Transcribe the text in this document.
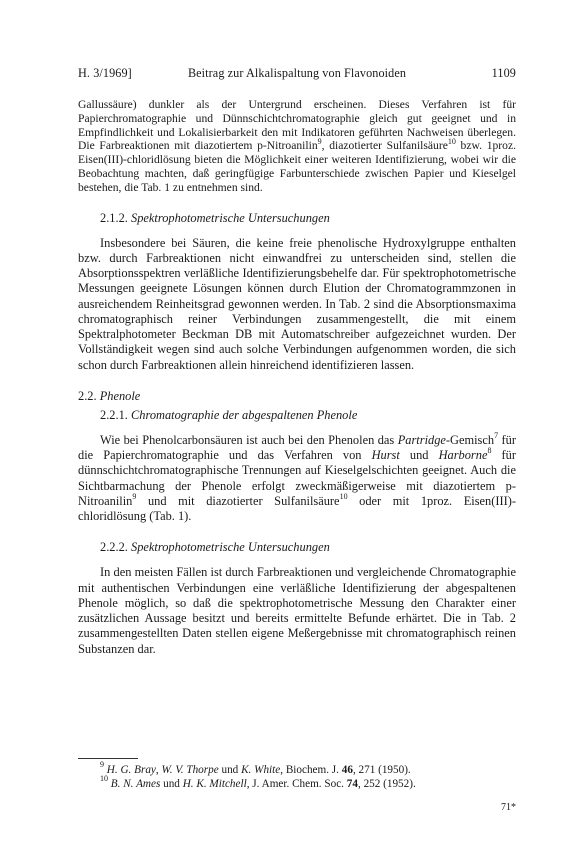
H. 3/1969]	Beitrag zur Alkalispaltung von Flavonoiden	1109

Gallussäure) dunkler als der Untergrund erscheinen. Dieses Verfahren ist für Papierchromatographie und Dünnschichtchromatographie gleich gut geeignet und in Empfindlichkeit und Lokalisierbarkeit den mit Indikatoren geführten Nachweisen überlegen. Die Farbreaktionen mit diazotiertem p-Nitroanilin$^9$, diazotierter Sulfanilsäure$^{10}$ bzw. 1proz. Eisen(III)-chloridlösung bieten die Möglichkeit einer weiteren Identifizierung, wobei wir die Beobachtung machten, daß geringfügige Farbunterschiede zwischen Papier und Kieselgel bestehen, die Tab. 1 zu entnehmen sind.

2.1.2. Spektrophotometrische Untersuchungen

Insbesondere bei Säuren, die keine freie phenolische Hydroxylgruppe enthalten bzw. durch Farbreaktionen nicht einwandfrei zu unterscheiden sind, stellen die Absorptionsspektren verläßliche Identifizierungsbehelfe dar. Für spektrophotometrische Messungen geeignete Lösungen können durch Elution der Chromatogrammzonen in ausreichendem Reinheitsgrad gewonnen werden. In Tab. 2 sind die Absorptionsmaxima chromatographisch reiner Verbindungen zusammengestellt, die mit einem Spektralphotometer Beckman DB mit Automatschreiber aufgezeichnet wurden. Der Vollständigkeit wegen sind auch solche Verbindungen aufgenommen worden, die sich schon durch Farbreaktionen allein hinreichend identifizieren lassen.

2.2. Phenole
2.2.1. Chromatographie der abgespaltenen Phenole

Wie bei Phenolcarbonsäuren ist auch bei den Phenolen das Partridge-Gemisch$^7$ für die Papierchromatographie und das Verfahren von Hurst und Harborne$^8$ für dünnschichtchromatographische Trennungen auf Kieselgelschichten geeignet. Auch die Sichtbarmachung der Phenole erfolgt zweckmäßigerweise mit diazotiertem p-Nitroanilin$^9$ und mit diazotierter Sulfanilsäure$^{10}$ oder mit 1proz. Eisen(III)-chloridlösung (Tab. 1).

2.2.2. Spektrophotometrische Untersuchungen

In den meisten Fällen ist durch Farbreaktionen und vergleichende Chromatographie mit authentischen Verbindungen eine verläßliche Identifizierung der abgespaltenen Phenole möglich, so daß die spektrophotometrische Messung den Charakter einer zusätzlichen Aussage besitzt und bereits ermittelte Befunde erhärtet. Die in Tab. 2 zusammengestellten Daten stellen eigene Meßergebnisse mit chromatographisch reinen Substanzen dar.

$^9$ H. G. Bray, W. V. Thorpe und K. White, Biochem. J. 46, 271 (1950).
$^{10}$ B. N. Ames und H. K. Mitchell, J. Amer. Chem. Soc. 74, 252 (1952).
71*
